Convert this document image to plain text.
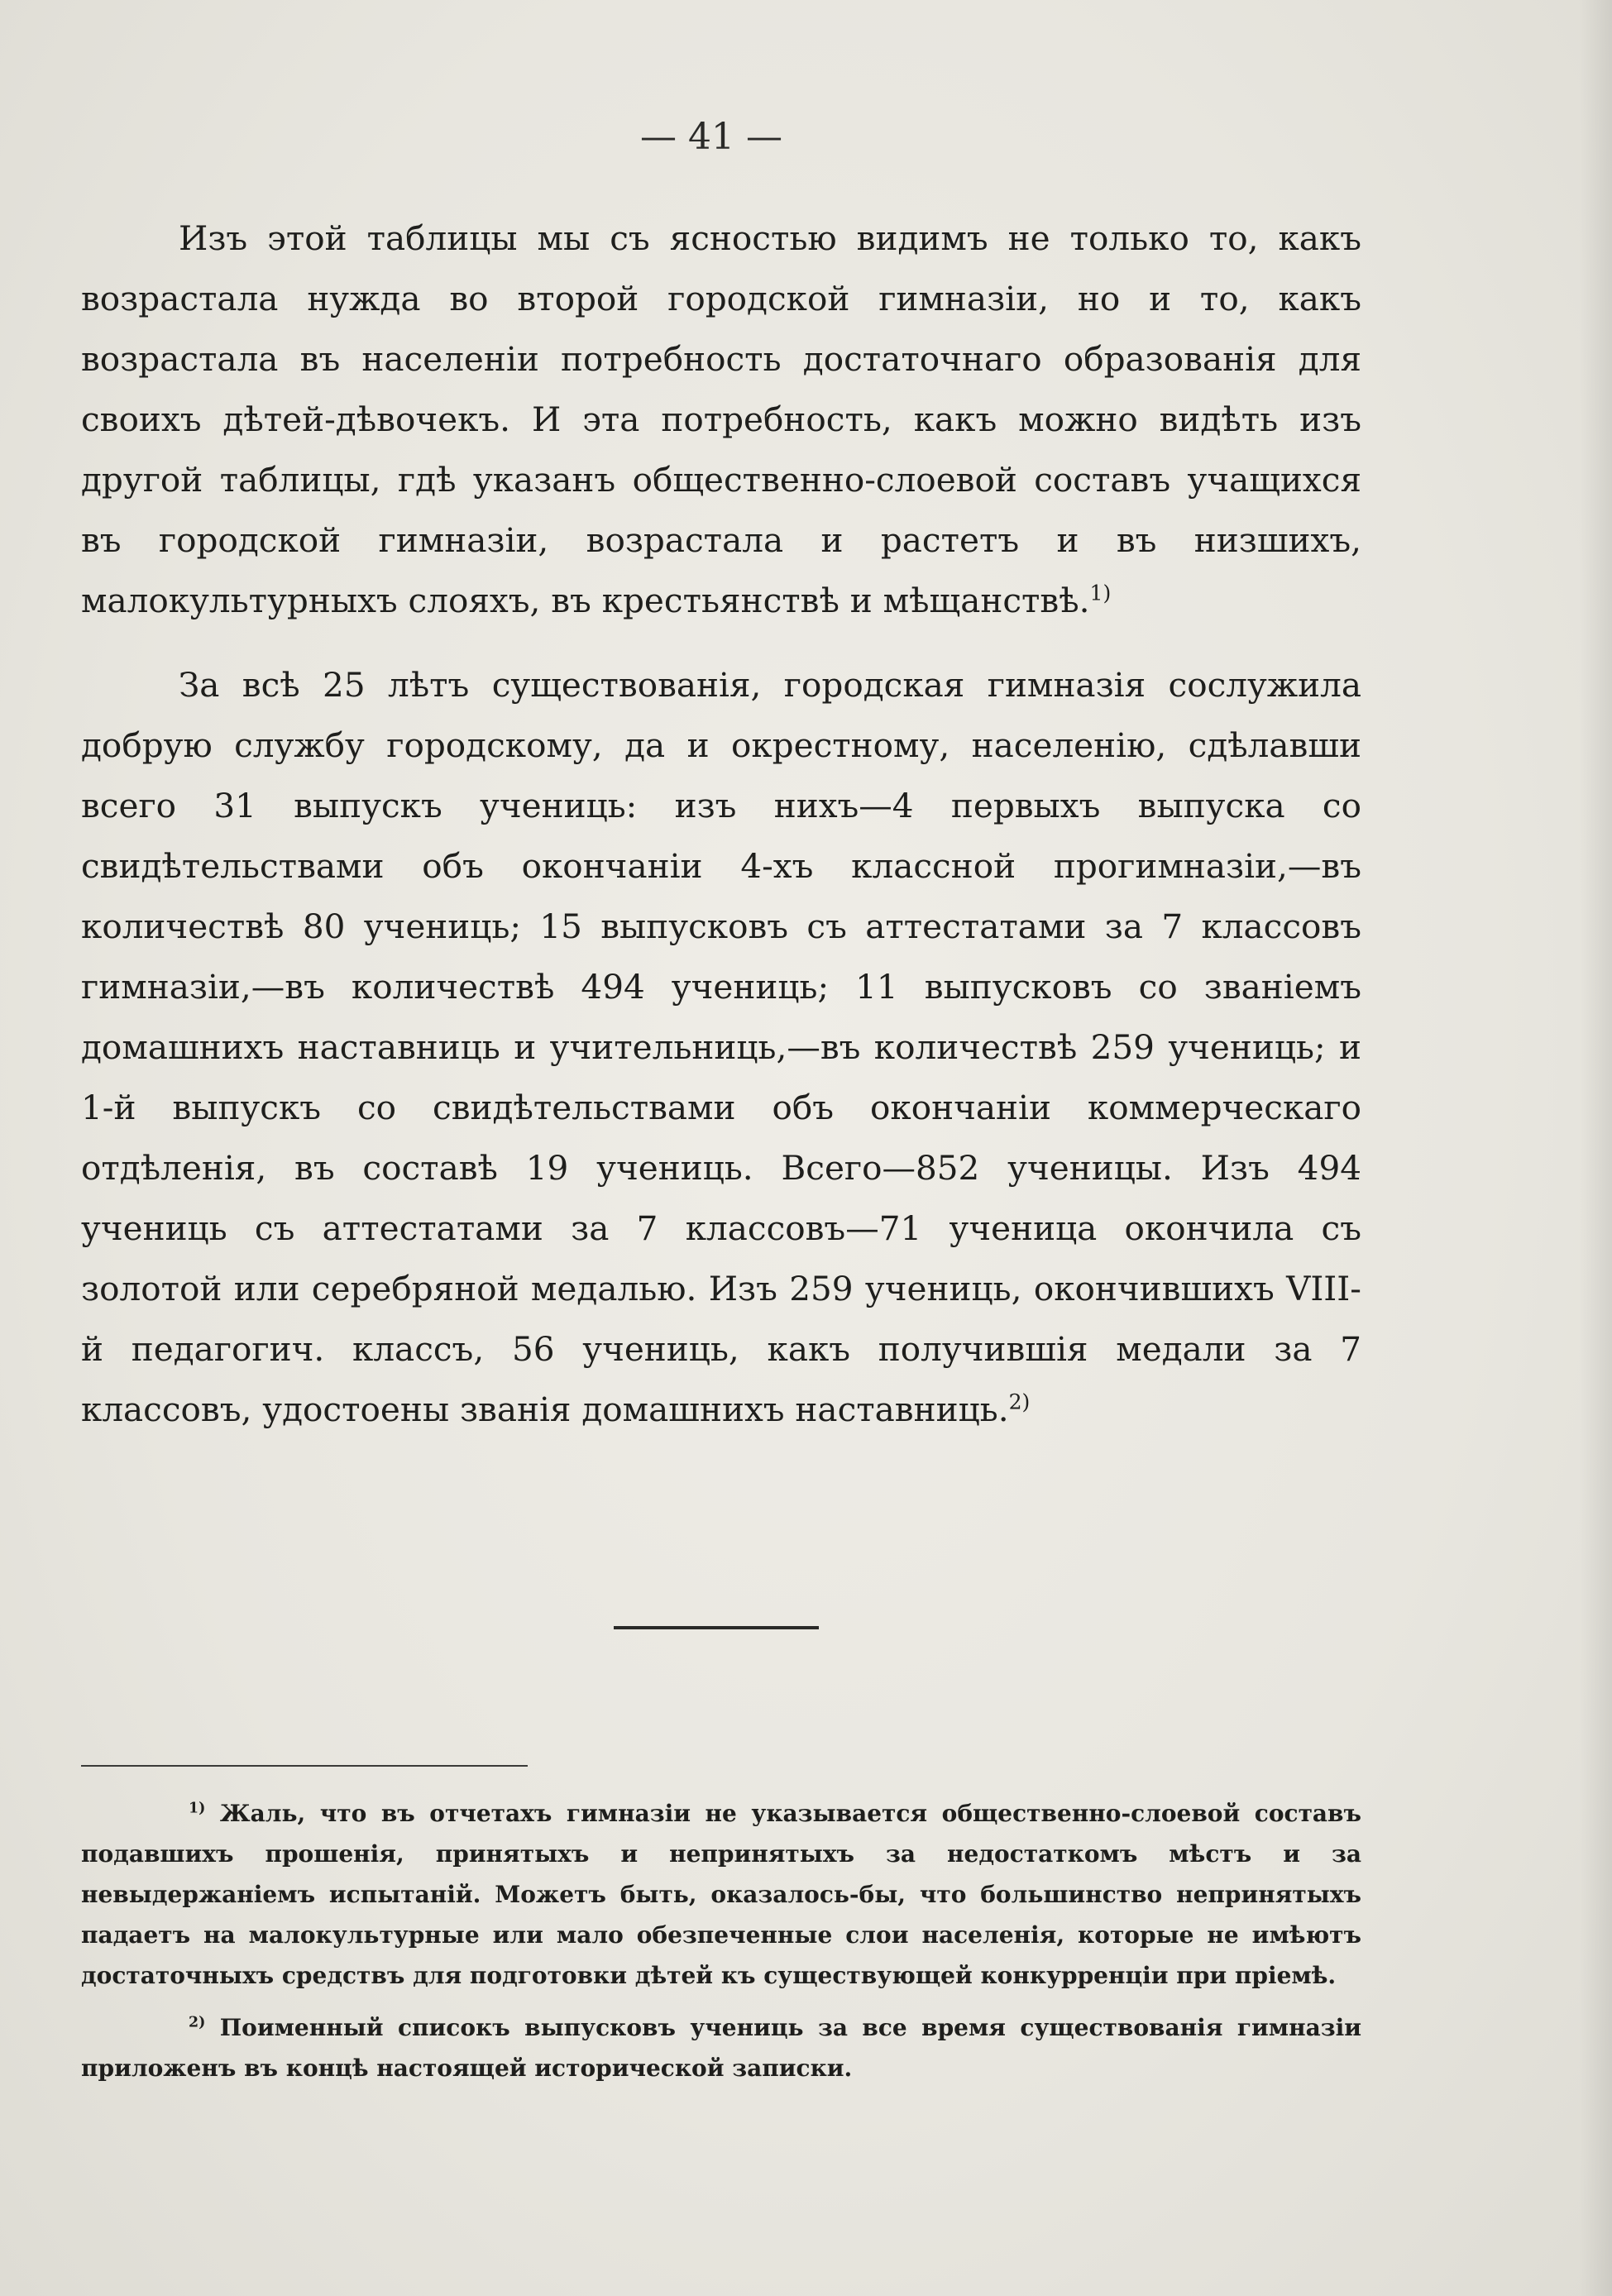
— 41 —

Изъ этой таблицы мы съ ясностью видимъ не только то, какъ возрастала нужда во второй городской гимназіи, но и то, какъ возрастала въ населеніи потребность достаточнаго образованія для своихъ дѣтей-дѣвочекъ. И эта потребность, какъ можно видѣть изъ другой таблицы, гдѣ указанъ общественно-слоевой составъ учащихся въ городской гимназіи, возрастала и растетъ и въ низшихъ, малокультурныхъ слояхъ, въ крестьянствѣ и мѣщанствѣ.$^{1)}$

За всѣ 25 лѣтъ существованія, городская гимназія сослужила добрую службу городскому, да и окрестному, населенію, сдѣлавши всего 31 выпускъ учениць: изъ нихъ—4 первыхъ выпуска со свидѣтельствами объ окончаніи 4-хъ классной прогимназіи,—въ количествѣ 80 учениць; 15 выпусковъ съ аттестатами за 7 классовъ гимназіи,—въ количествѣ 494 учениць; 11 выпусковъ со званіемъ домашнихъ наставниць и учительниць,—въ количествѣ 259 учениць; и 1-й выпускъ со свидѣтельствами объ окончаніи коммерческаго отдѣленія, въ составѣ 19 учениць. Всего—852 ученицы. Изъ 494 учениць съ аттестатами за 7 классовъ—71 ученица окончила съ золотой или серебряной медалью. Изъ 259 учениць, окончившихъ VIII-й педагогич. классъ, 56 учениць, какъ получившія медали за 7 классовъ, удостоены званія домашнихъ наставниць.$^{2)}$

$^{1)}$ Жаль, что въ отчетахъ гимназіи не указывается общественно-слоевой составъ подавшихъ прошенія, принятыхъ и непринятыхъ за недостаткомъ мѣстъ и за невыдержаніемъ испытаній. Можетъ быть, оказалось-бы, что большинство непринятыхъ падаетъ на малокультурные или мало обезпеченные слои населенія, которые не имѣютъ достаточныхъ средствъ для подготовки дѣтей къ существующей конкурренціи при пріемѣ.

$^{2)}$ Поименный списокъ выпусковъ учениць за все время существованія гимназіи приложенъ въ концѣ настоящей исторической записки.
